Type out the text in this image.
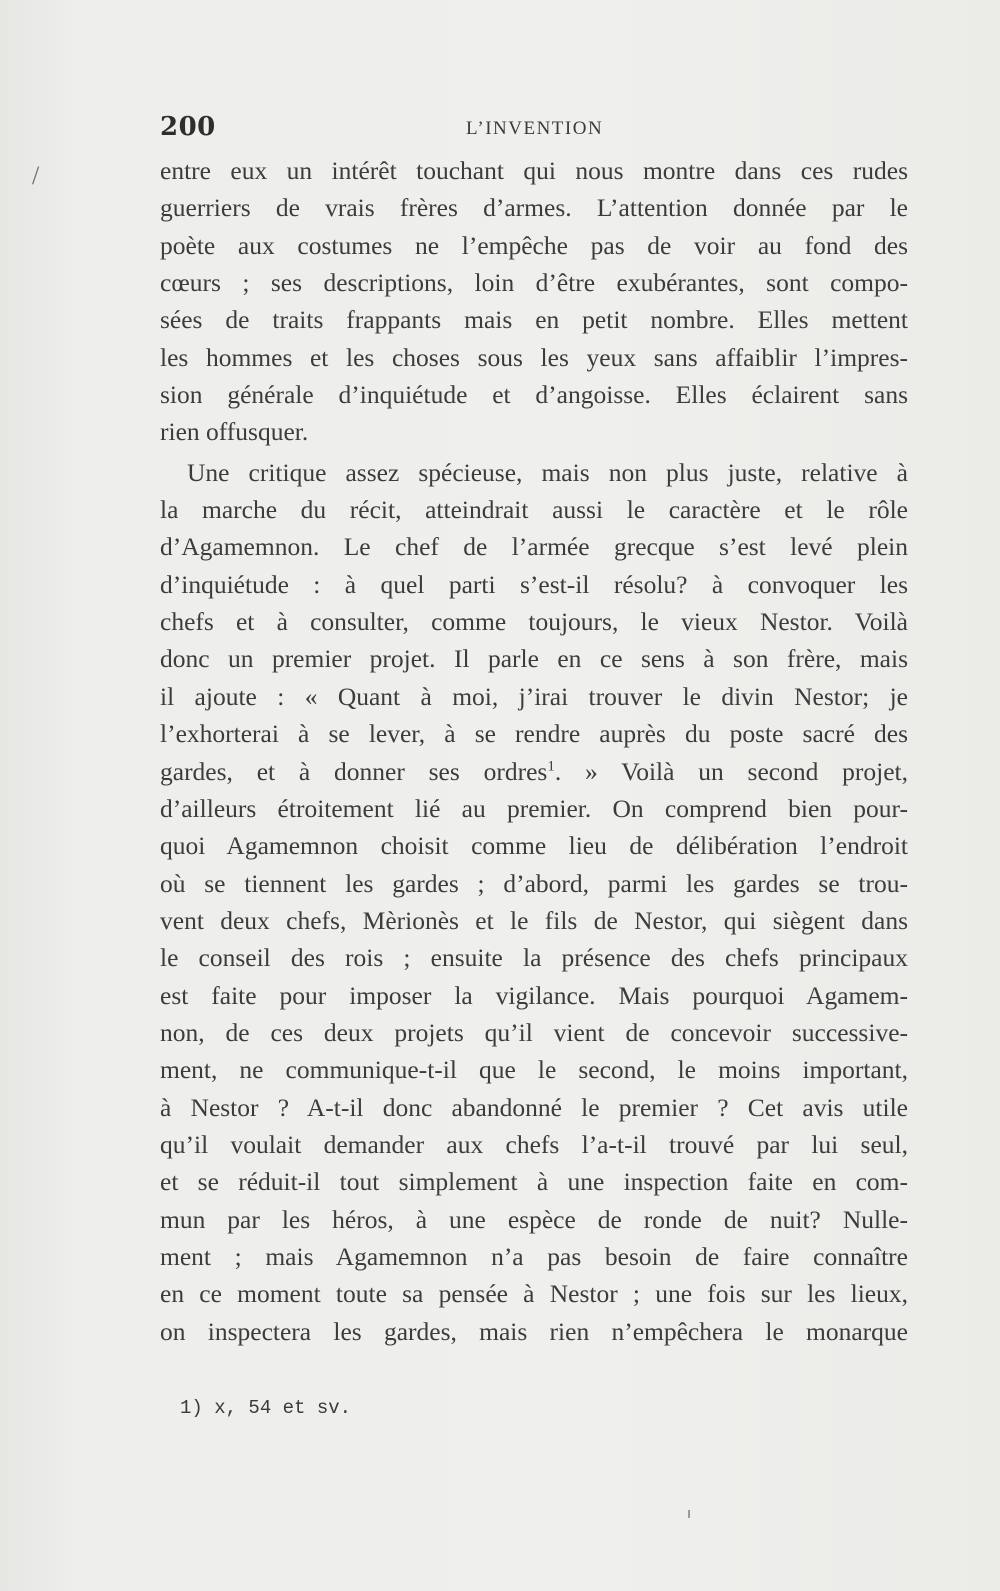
200	L’INVENTION
/	entre eux un intérêt touchant qui nous montre dans ces rudes
guerriers de vrais frères d’armes. L’attention donnée par le
poète aux costumes ne l’empêche pas de voir au fond des
cœurs ; ses descriptions, loin d’être exubérantes, sont compo-
sées de traits frappants mais en petit nombre. Elles mettent
les hommes et les choses sous les yeux sans affaiblir l’impres-
sion générale d’inquiétude et d’angoisse. Elles éclairent sans
rien offusquer.
Une critique assez spécieuse, mais non plus juste, relative à
la marche du récit, atteindrait aussi le caractère et le rôle
d’Agamemnon. Le chef de l’armée grecque s’est levé plein
d’inquiétude : à quel parti s’est-il résolu? à convoquer les
chefs et à consulter, comme toujours, le vieux Nestor. Voilà
donc un premier projet. Il parle en ce sens à son frère, mais
il ajoute : « Quant à moi, j’irai trouver le divin Nestor; je
l’exhorterai à se lever, à se rendre auprès du poste sacré des
gardes, et à donner ses ordres$^1$. » Voilà un second projet,
d’ailleurs étroitement lié au premier. On comprend bien pour-
quoi Agamemnon choisit comme lieu de délibération l’endroit
où se tiennent les gardes ; d’abord, parmi les gardes se trou-
vent deux chefs, Mèrionès et le fils de Nestor, qui siègent dans
le conseil des rois ; ensuite la présence des chefs principaux
est faite pour imposer la vigilance. Mais pourquoi Agamem-
non, de ces deux projets qu’il vient de concevoir successive-
ment, ne communique-t-il que le second, le moins important,
à Nestor ? A-t-il donc abandonné le premier ? Cet avis utile
qu’il voulait demander aux chefs l’a-t-il trouvé par lui seul,
et se réduit-il tout simplement à une inspection faite en com-
mun par les héros, à une espèce de ronde de nuit? Nulle-
ment ; mais Agamemnon n’a pas besoin de faire connaître
en ce moment toute sa pensée à Nestor ; une fois sur les lieux,
on inspectera les gardes, mais rien n’empêchera le monarque
1) x, 54 et sv.
